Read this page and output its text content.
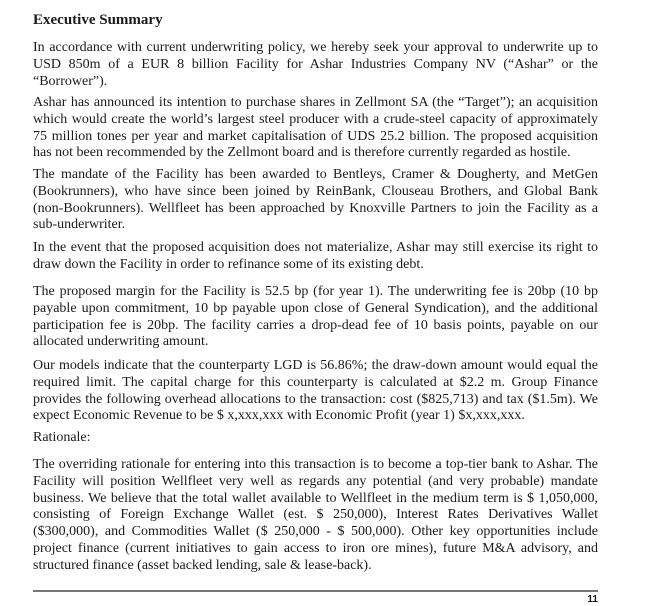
Executive Summary

In accordance with current underwriting policy, we hereby seek your approval to underwrite up to USD 850m of a EUR 8 billion Facility for Ashar Industries Company NV (“Ashar” or the “Borrower”).

Ashar has announced its intention to purchase shares in Zellmont SA (the “Target”); an acquisition which would create the world’s largest steel producer with a crude-steel capacity of approximately 75 million tones per year and market capitalisation of UDS 25.2 billion. The proposed acquisition has not been recommended by the Zellmont board and is therefore currently regarded as hostile.

The mandate of the Facility has been awarded to Bentleys, Cramer & Dougherty, and MetGen (Bookrunners), who have since been joined by ReinBank, Clouseau Brothers, and Global Bank (non-Bookrunners). Wellfleet has been approached by Knoxville Partners to join the Facility as a sub-underwriter.

In the event that the proposed acquisition does not materialize, Ashar may still exercise its right to draw down the Facility in order to refinance some of its existing debt.

The proposed margin for the Facility is 52.5 bp (for year 1). The underwriting fee is 20bp (10 bp payable upon commitment, 10 bp payable upon close of General Syndication), and the additional participation fee is 20bp. The facility carries a drop-dead fee of 10 basis points, payable on our allocated underwriting amount.

Our models indicate that the counterparty LGD is 56.86%; the draw-down amount would equal the required limit. The capital charge for this counterparty is calculated at $2.2 m. Group Finance provides the following overhead allocations to the transaction: cost ($825,713) and tax ($1.5m). We expect Economic Revenue to be $ x,xxx,xxx with Economic Profit (year 1) $x,xxx,xxx.

Rationale:

The overriding rationale for entering into this transaction is to become a top-tier bank to Ashar. The Facility will position Wellfleet very well as regards any potential (and very probable) mandate business. We believe that the total wallet available to Wellfleet in the medium term is $ 1,050,000, consisting of Foreign Exchange Wallet (est. $ 250,000), Interest Rates Derivatives Wallet ($300,000), and Commodities Wallet ($ 250,000 - $ 500,000). Other key opportunities include project finance (current initiatives to gain access to iron ore mines), future M&A advisory, and structured finance (asset backed lending, sale & lease-back).

11
